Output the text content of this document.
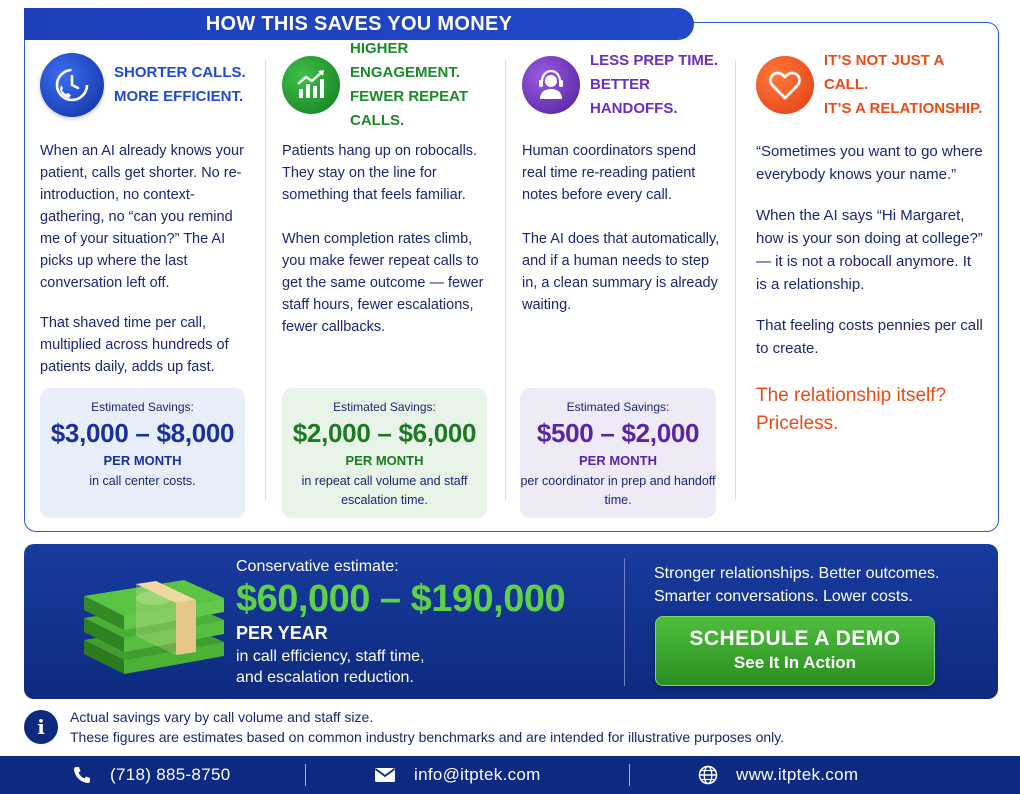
HOW THIS SAVES YOU MONEY
SHORTER CALLS.
MORE EFFICIENT.
When an AI already knows your patient, calls get shorter. No re-introduction, no context-gathering, no “can you remind me of your situation?” The AI picks up where the last conversation left off.
That shaved time per call, multiplied across hundreds of patients daily, adds up fast.
Estimated Savings:
$3,000 – $8,000
PER MONTH
in call center costs.
HIGHER ENGAGEMENT.
FEWER REPEAT CALLS.
Patients hang up on robocalls. They stay on the line for something that feels familiar.
When completion rates climb, you make fewer repeat calls to get the same outcome — fewer staff hours, fewer escalations, fewer callbacks.
Estimated Savings:
$2,000 – $6,000
PER MONTH
in repeat call volume and staff escalation time.
LESS PREP TIME.
BETTER HANDOFFS.
Human coordinators spend real time re-reading patient notes before every call.
The AI does that automatically, and if a human needs to step in, a clean summary is already waiting.
Estimated Savings:
$500 – $2,000
PER MONTH
per coordinator in prep and handoff time.
IT’S NOT JUST A CALL.
IT’S A RELATIONSHIP.
“Sometimes you want to go where everybody knows your name.”
When the AI says “Hi Margaret, how is your son doing at college?” — it is not a robocall anymore. It is a relationship.
That feeling costs pennies per call to create.
The relationship itself? Priceless.
Conservative estimate:
$60,000 – $190,000
PER YEAR
in call efficiency, staff time,
and escalation reduction.
Stronger relationships. Better outcomes.
Smarter conversations. Lower costs.
SCHEDULE A DEMO
See It In Action
i	Actual savings vary by call volume and staff size.
These figures are estimates based on common industry benchmarks and are intended for illustrative purposes only.
(718) 885-8750	info@itptek.com	www.itptek.com
